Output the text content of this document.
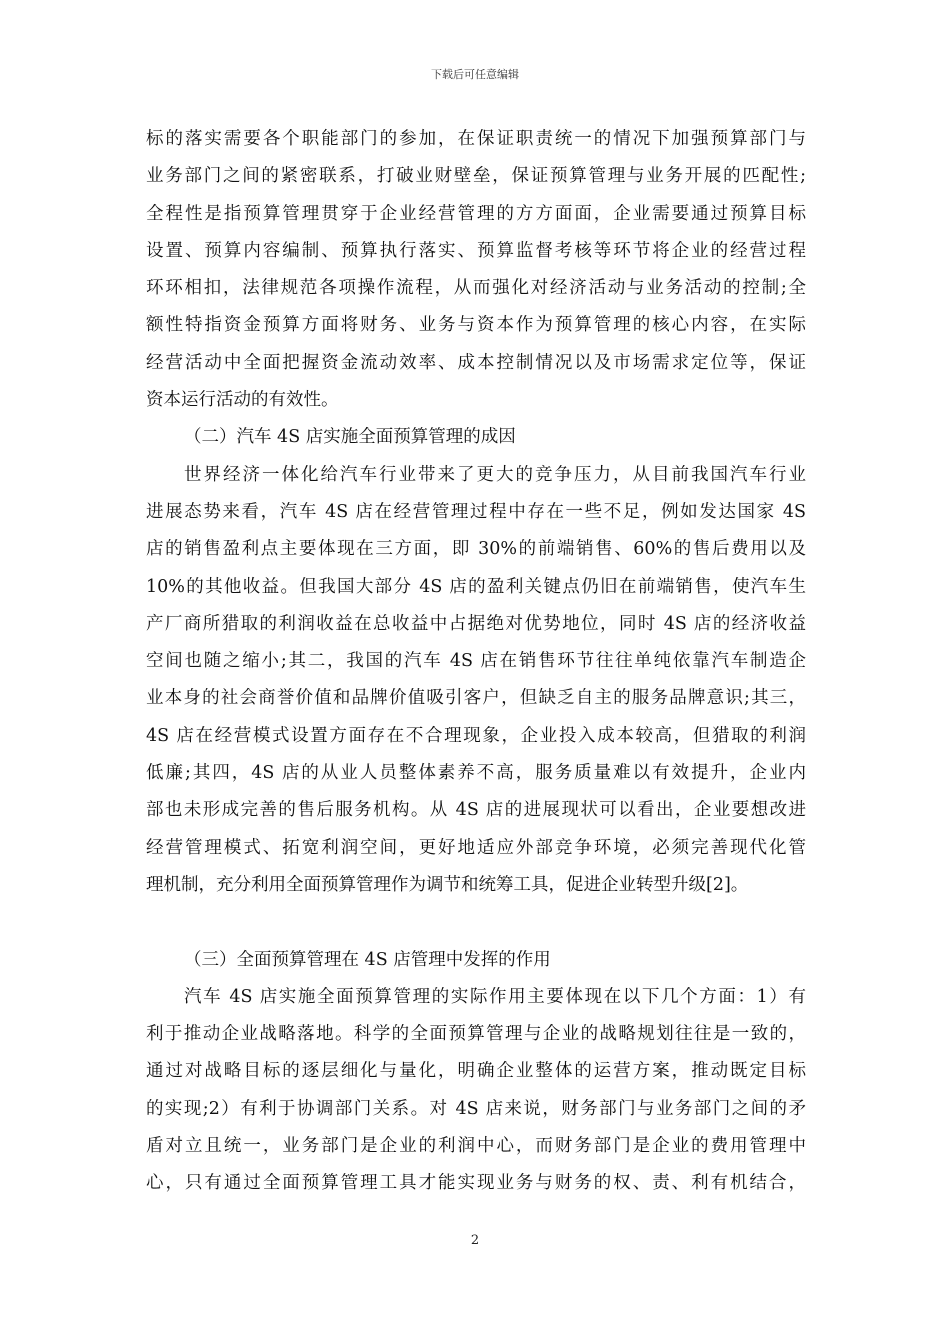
下载后可任意编辑
标的落实需要各个职能部门的参加，在保证职责统一的情况下加强预算部门与
业务部门之间的紧密联系，打破业财壁垒，保证预算管理与业务开展的匹配性;
全程性是指预算管理贯穿于企业经营管理的方方面面，企业需要通过预算目标
设置、预算内容编制、预算执行落实、预算监督考核等环节将企业的经营过程
环环相扣，法律规范各项操作流程，从而强化对经济活动与业务活动的控制;全
额性特指资金预算方面将财务、业务与资本作为预算管理的核心内容，在实际
经营活动中全面把握资金流动效率、成本控制情况以及市场需求定位等，保证
资本运行活动的有效性。
（二）汽车 4S 店实施全面预算管理的成因
世界经济一体化给汽车行业带来了更大的竞争压力，从目前我国汽车行业
进展态势来看，汽车 4S 店在经营管理过程中存在一些不足，例如发达国家 4S
店的销售盈利点主要体现在三方面，即 30%的前端销售、60%的售后费用以及
10%的其他收益。但我国大部分 4S 店的盈利关键点仍旧在前端销售，使汽车生
产厂商所猎取的利润收益在总收益中占据绝对优势地位，同时 4S 店的经济收益
空间也随之缩小;其二，我国的汽车 4S 店在销售环节往往单纯依靠汽车制造企
业本身的社会商誉价值和品牌价值吸引客户，但缺乏自主的服务品牌意识;其三，
4S 店在经营模式设置方面存在不合理现象，企业投入成本较高，但猎取的利润
低廉;其四，4S 店的从业人员整体素养不高，服务质量难以有效提升，企业内
部也未形成完善的售后服务机构。从 4S 店的进展现状可以看出，企业要想改进
经营管理模式、拓宽利润空间，更好地适应外部竞争环境，必须完善现代化管
理机制，充分利用全面预算管理作为调节和统筹工具，促进企业转型升级[2]。
（三）全面预算管理在 4S 店管理中发挥的作用
汽车 4S 店实施全面预算管理的实际作用主要体现在以下几个方面：1）有
利于推动企业战略落地。科学的全面预算管理与企业的战略规划往往是一致的，
通过对战略目标的逐层细化与量化，明确企业整体的运营方案，推动既定目标
的实现;2）有利于协调部门关系。对 4S 店来说，财务部门与业务部门之间的矛
盾对立且统一，业务部门是企业的利润中心，而财务部门是企业的费用管理中
心，只有通过全面预算管理工具才能实现业务与财务的权、责、利有机结合，
2
